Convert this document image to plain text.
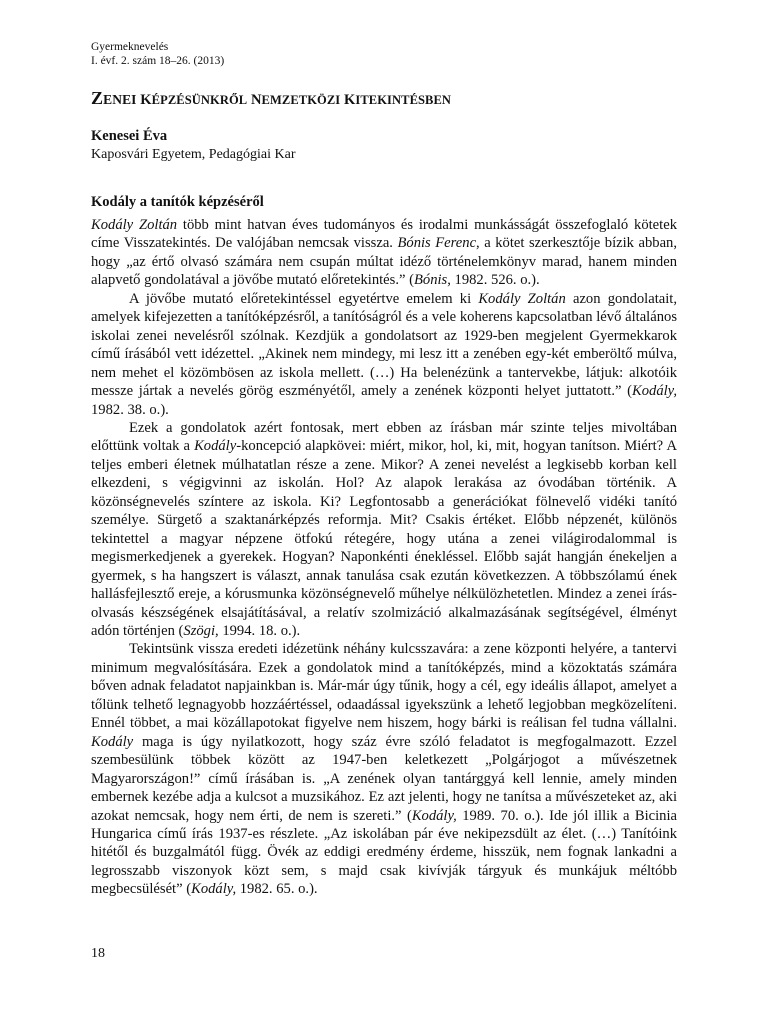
Gyermeknevelés
I. évf. 2. szám 18–26. (2013)
ZENEI KÉPZÉSÜNKRŐL NEMZETKÖZI KITEKINTÉSBEN
Kenesei Éva
Kaposvári Egyetem, Pedagógiai Kar
Kodály a tanítók képzéséről

Kodály Zoltán több mint hatvan éves tudományos és irodalmi munkásságát összefoglaló kötetek címe Visszatekintés. De valójában nemcsak vissza. Bónis Ferenc, a kötet szerkesztője bízik abban, hogy „az értő olvasó számára nem csupán múltat idéző történelemkönyv marad, hanem minden alapvető gondolatával a jövőbe mutató előretekintés.” (Bónis, 1982. 526. o.).

A jövőbe mutató előretekintéssel egyetértve emelem ki Kodály Zoltán azon gondolatait, amelyek kifejezetten a tanítóképzésről, a tanítóságról és a vele koherens kapcsolatban lévő általános iskolai zenei nevelésről szólnak. Kezdjük a gondolatsort az 1929-ben megjelent Gyermekkarok című írásából vett idézettel. „Akinek nem mindegy, mi lesz itt a zenében egy-két emberöltő múlva, nem mehet el közömbösen az iskola mellett. (…) Ha belenézünk a tantervekbe, látjuk: alkotóik messze jártak a nevelés görög eszményétől, amely a zenének központi helyet juttatott.” (Kodály, 1982. 38. o.).

Ezek a gondolatok azért fontosak, mert ebben az írásban már szinte teljes mivoltában előttünk voltak a Kodály-koncepció alapkövei: miért, mikor, hol, ki, mit, hogyan tanítson. Miért? A teljes emberi életnek múlhatatlan része a zene. Mikor? A zenei nevelést a legkisebb korban kell elkezdeni, s végigvinni az iskolán. Hol? Az alapok lerakása az óvodában történik. A közönségnevelés színtere az iskola. Ki? Legfontosabb a generációkat fölnevelő vidéki tanító személye. Sürgető a szaktanárképzés reformja. Mit? Csakis értéket. Előbb népzenét, különös tekintettel a magyar népzene ötfokú rétegére, hogy utána a zenei világirodalommal is megismerkedjenek a gyerekek. Hogyan? Naponkénti énekléssel. Előbb saját hangján énekeljen a gyermek, s ha hangszert is választ, annak tanulása csak ezután következzen. A többszólamú ének hallásfejlesztő ereje, a kórusmunka közönségnevelő műhelye nélkülözhetetlen. Mindez a zenei írás-olvasás készségének elsajátításával, a relatív szolmizáció alkalmazásának segítségével, élményt adón történjen (Szögi, 1994. 18. o.).

Tekintsünk vissza eredeti idézetünk néhány kulcsszavára: a zene központi helyére, a tantervi minimum megvalósítására. Ezek a gondolatok mind a tanítóképzés, mind a közoktatás számára bőven adnak feladatot napjainkban is. Már-már úgy tűnik, hogy a cél, egy ideális állapot, amelyet a tőlünk telhető legnagyobb hozzáértéssel, odaadással igyekszünk a lehető legjobban megközelíteni. Ennél többet, a mai közállapotokat figyelve nem hiszem, hogy bárki is reálisan fel tudna vállalni. Kodály maga is úgy nyilatkozott, hogy száz évre szóló feladatot is megfogalmazott. Ezzel szembesülünk többek között az 1947-ben keletkezett „Polgárjogot a művészetnek Magyarországon!” című írásában is. „A zenének olyan tantárggyá kell lennie, amely minden embernek kezébe adja a kulcsot a muzsikához. Ez azt jelenti, hogy ne tanítsa a művészeteket az, aki azokat nemcsak, hogy nem érti, de nem is szereti.” (Kodály, 1989. 70. o.). Ide jól illik a Bicinia Hungarica című írás 1937-es részlete. „Az iskolában pár éve nekipezsdült az élet. (…) Tanítóink hitétől és buzgalmától függ. Övék az eddigi eredmény érdeme, hisszük, nem fognak lankadni a legrosszabb viszonyok közt sem, s majd csak kivívják tárgyuk és munkájuk méltóbb megbecsülését” (Kodály, 1982. 65. o.).

18
